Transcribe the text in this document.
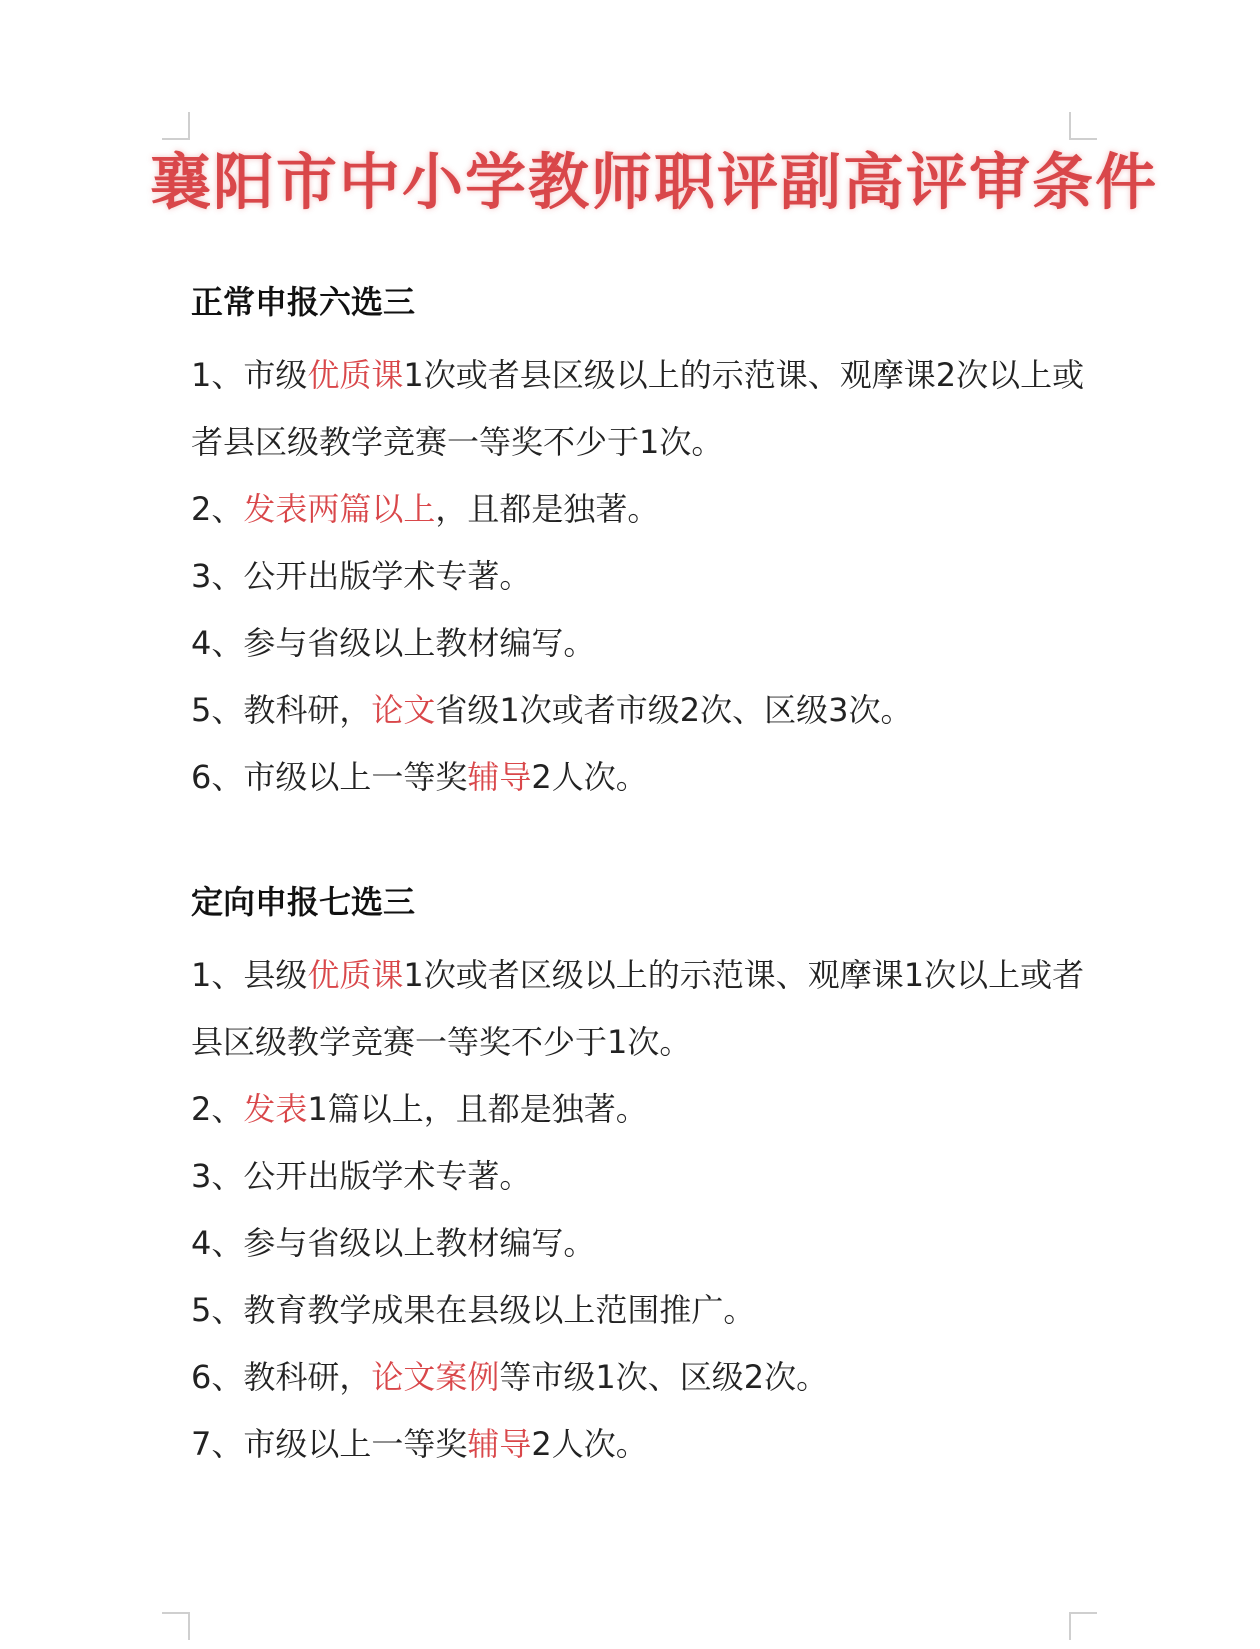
襄阳市中小学教师职评副高评审条件
正常申报六选三
1、市级优质课1次或者县区级以上的示范课、观摩课2次以上或者县区级教学竞赛一等奖不少于1次。
2、发表两篇以上，且都是独著。
3、公开出版学术专著。
4、参与省级以上教材编写。
5、教科研，论文省级1次或者市级2次、区级3次。
6、市级以上一等奖辅导2人次。
定向申报七选三
1、县级优质课1次或者区级以上的示范课、观摩课1次以上或者县区级教学竞赛一等奖不少于1次。
2、发表1篇以上，且都是独著。
3、公开出版学术专著。
4、参与省级以上教材编写。
5、教育教学成果在县级以上范围推广。
6、教科研，论文案例等市级1次、区级2次。
7、市级以上一等奖辅导2人次。
